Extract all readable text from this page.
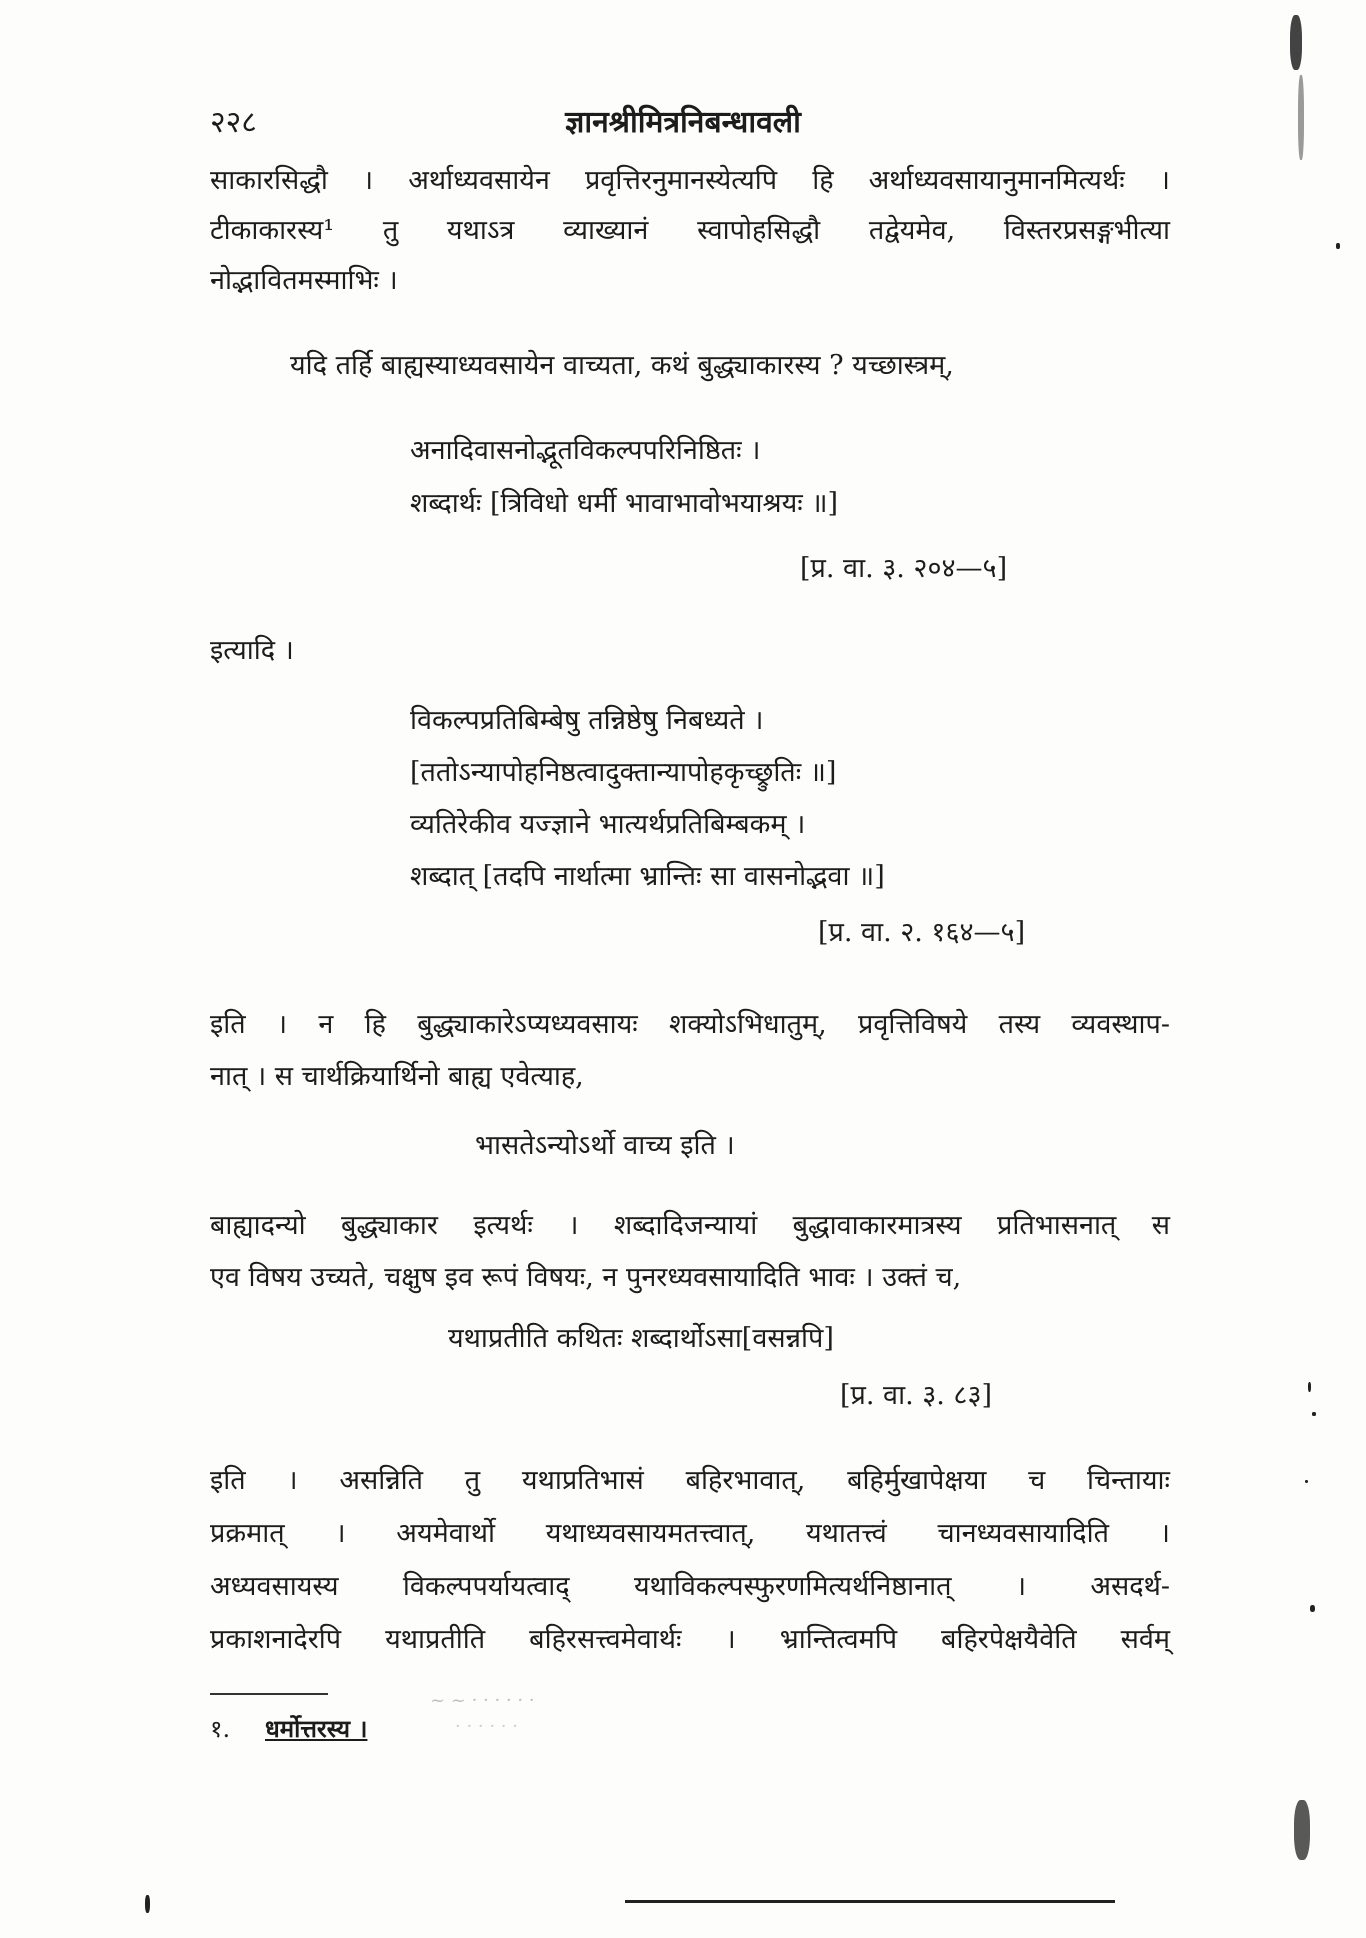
२२८	ज्ञानश्रीमित्रनिबन्धावली
साकारसिद्धौ । अर्थाध्यवसायेन प्रवृत्तिरनुमानस्येत्यपि हि अर्थाध्यवसायानुमानमित्यर्थः ।
टीकाकारस्य¹ तु यथाऽत्र व्याख्यानं स्वापोहसिद्धौ तद्वेयमेव, विस्तरप्रसङ्गभीत्या
नोद्भावितमस्माभिः ।
यदि तर्हि बाह्यस्याध्यवसायेन वाच्यता, कथं बुद्ध्याकारस्य ? यच्छास्त्रम्,
अनादिवासनोद्भूतविकल्पपरिनिष्ठितः ।
शब्दार्थः [त्रिविधो धर्मी भावाभावोभयाश्रयः ॥]
[प्र. वा. ३. २०४—५]
इत्यादि ।
विकल्पप्रतिबिम्बेषु तन्निष्ठेषु निबध्यते ।
[ततोऽन्यापोहनिष्ठत्वादुक्तान्यापोहकृच्छ्रुतिः ॥]
व्यतिरेकीव यज्ज्ञाने भात्यर्थप्रतिबिम्बकम् ।
शब्दात् [तदपि नार्थात्मा भ्रान्तिः सा वासनोद्भवा ॥]
[प्र. वा. २. १६४—५]
इति । न हि बुद्ध्याकारेऽप्यध्यवसायः शक्योऽभिधातुम्, प्रवृत्तिविषये तस्य व्यवस्थाप-
नात् । स चार्थक्रियार्थिनो बाह्य एवेत्याह,
भासतेऽन्योऽर्थो वाच्य इति ।
बाह्यादन्यो बुद्ध्याकार इत्यर्थः । शब्दादिजन्यायां बुद्धावाकारमात्रस्य प्रतिभासनात् स
एव विषय उच्यते, चक्षुष इव रूपं विषयः, न पुनरध्यवसायादिति भावः । उक्तं च,
यथाप्रतीति कथितः शब्दार्थोऽसा[वसन्नपि]
[प्र. वा. ३. ८३]
इति । असन्निति तु यथाप्रतिभासं बहिरभावात्, बहिर्मुखापेक्षया च चिन्तायाः
प्रक्रमात् । अयमेवार्थो यथाध्यवसायमतत्त्वात्, यथातत्त्वं चानध्यवसायादिति ।
अध्यवसायस्य विकल्पपर्यायत्वाद् यथाविकल्पस्फुरणमित्यर्थनिष्ठानात् । असदर्थ-
प्रकाशनादेरपि यथाप्रतीति बहिरसत्त्वमेवार्थः । भ्रान्तित्वमपि बहिरपेक्षयैवेति सर्वम्
१. धर्मोत्तरस्य ।
~ ~ · · · · · ·
· · · · · ·
